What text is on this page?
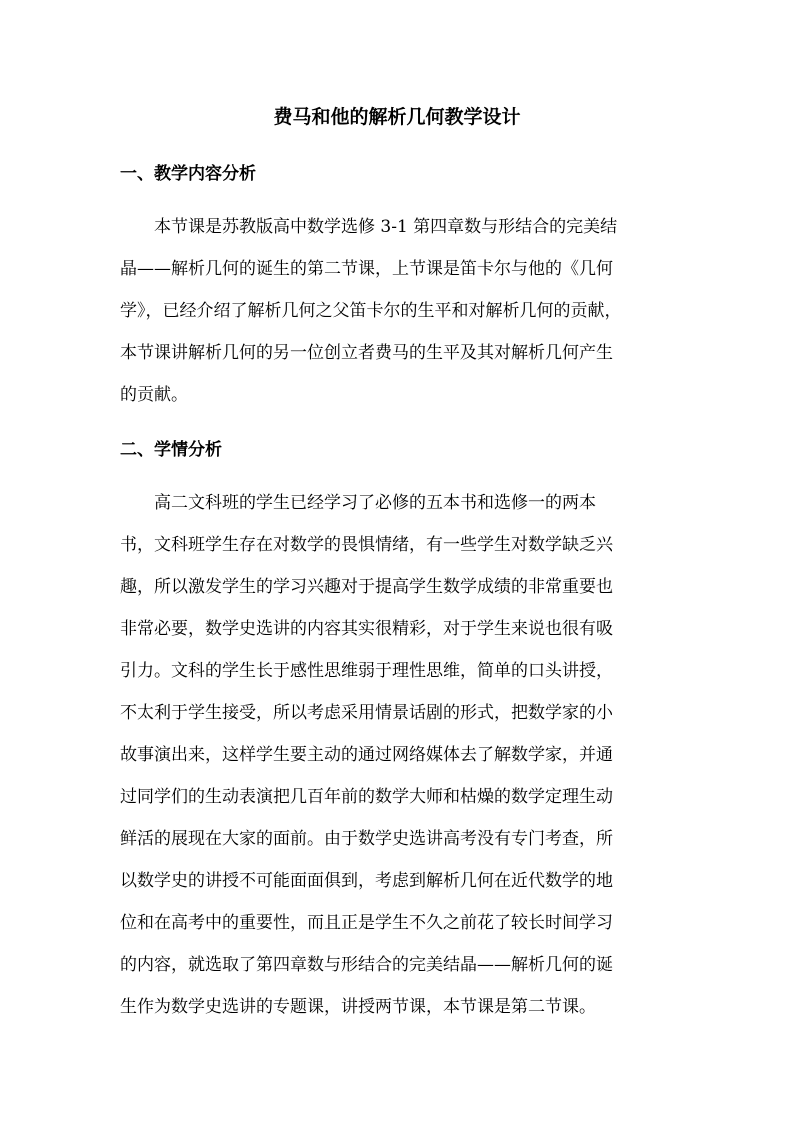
费马和他的解析几何教学设计
一、教学内容分析
本节课是苏教版高中数学选修 3-1 第四章数与形结合的完美结
晶——解析几何的诞生的第二节课，上节课是笛卡尔与他的《几何
学》，已经介绍了解析几何之父笛卡尔的生平和对解析几何的贡献，
本节课讲解析几何的另一位创立者费马的生平及其对解析几何产生
的贡献。
二、学情分析
高二文科班的学生已经学习了必修的五本书和选修一的两本
书，文科班学生存在对数学的畏惧情绪，有一些学生对数学缺乏兴
趣，所以激发学生的学习兴趣对于提高学生数学成绩的非常重要也
非常必要，数学史选讲的内容其实很精彩，对于学生来说也很有吸
引力。文科的学生长于感性思维弱于理性思维，简单的口头讲授，
不太利于学生接受，所以考虑采用情景话剧的形式，把数学家的小
故事演出来，这样学生要主动的通过网络媒体去了解数学家，并通
过同学们的生动表演把几百年前的数学大师和枯燥的数学定理生动
鲜活的展现在大家的面前。由于数学史选讲高考没有专门考查，所
以数学史的讲授不可能面面俱到，考虑到解析几何在近代数学的地
位和在高考中的重要性，而且正是学生不久之前花了较长时间学习
的内容，就选取了第四章数与形结合的完美结晶——解析几何的诞
生作为数学史选讲的专题课，讲授两节课，本节课是第二节课。
